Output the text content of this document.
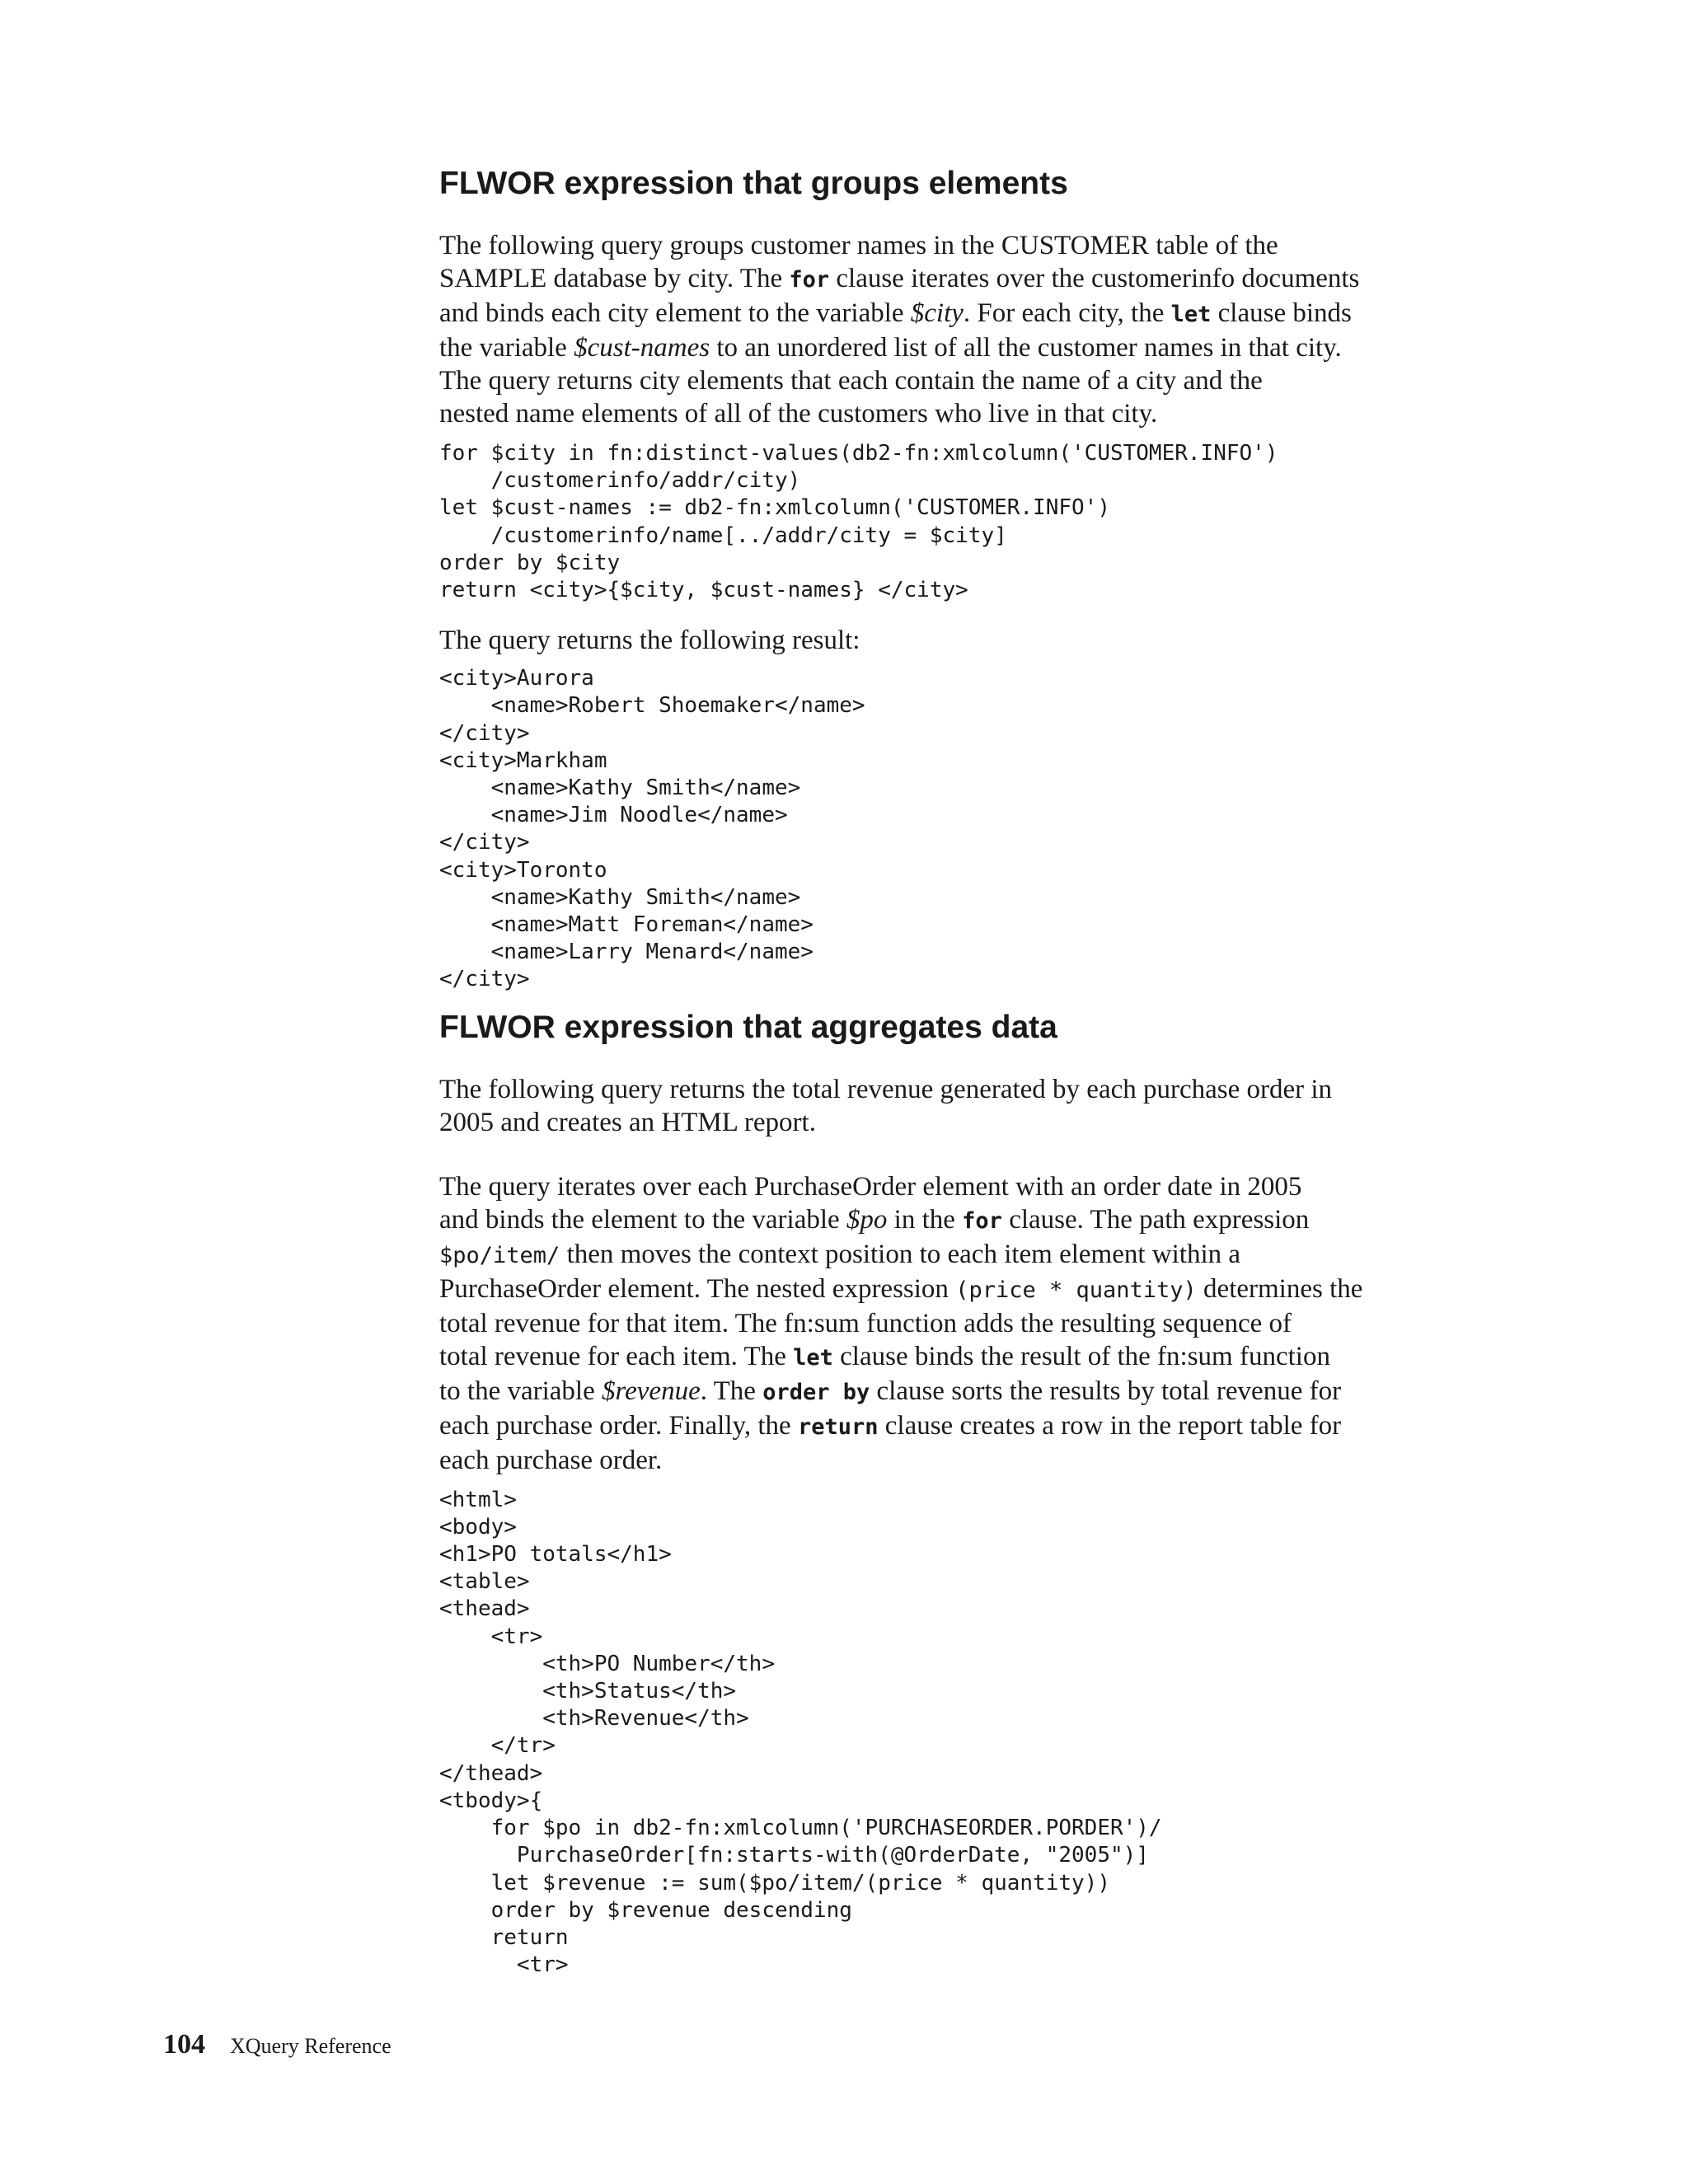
FLWOR expression that groups elements

The following query groups customer names in the CUSTOMER table of the
SAMPLE database by city. The for clause iterates over the customerinfo documents
and binds each city element to the variable $city. For each city, the let clause binds
the variable $cust-names to an unordered list of all the customer names in that city.
The query returns city elements that each contain the name of a city and the
nested name elements of all of the customers who live in that city.

for $city in fn:distinct-values(db2-fn:xmlcolumn('CUSTOMER.INFO')
/customerinfo/addr/city)
let $cust-names := db2-fn:xmlcolumn('CUSTOMER.INFO')
/customerinfo/name[../addr/city = $city]
order by $city
return <city>{$city, $cust-names} </city>

The query returns the following result:

<city>Aurora
<name>Robert Shoemaker</name>
</city>
<city>Markham
<name>Kathy Smith</name>
<name>Jim Noodle</name>
</city>
<city>Toronto
<name>Kathy Smith</name>
<name>Matt Foreman</name>
<name>Larry Menard</name>
</city>
FLWOR expression that aggregates data

The following query returns the total revenue generated by each purchase order in
2005 and creates an HTML report.

The query iterates over each PurchaseOrder element with an order date in 2005
and binds the element to the variable $po in the for clause. The path expression
$po/item/ then moves the context position to each item element within a
PurchaseOrder element. The nested expression (price * quantity) determines the
total revenue for that item. The fn:sum function adds the resulting sequence of
total revenue for each item. The let clause binds the result of the fn:sum function
to the variable $revenue. The order by clause sorts the results by total revenue for
each purchase order. Finally, the return clause creates a row in the report table for
each purchase order.

<html>
<body>
<h1>PO totals</h1>
<table>
<thead>
<tr>
<th>PO Number</th>
<th>Status</th>
<th>Revenue</th>
</tr>
</thead>
<tbody>{
for $po in db2-fn:xmlcolumn('PURCHASEORDER.PORDER')/
PurchaseOrder[fn:starts-with(@OrderDate, "2005")]
let $revenue := sum($po/item/(price * quantity))
order by $revenue descending
return
<tr>
104 XQuery Reference
